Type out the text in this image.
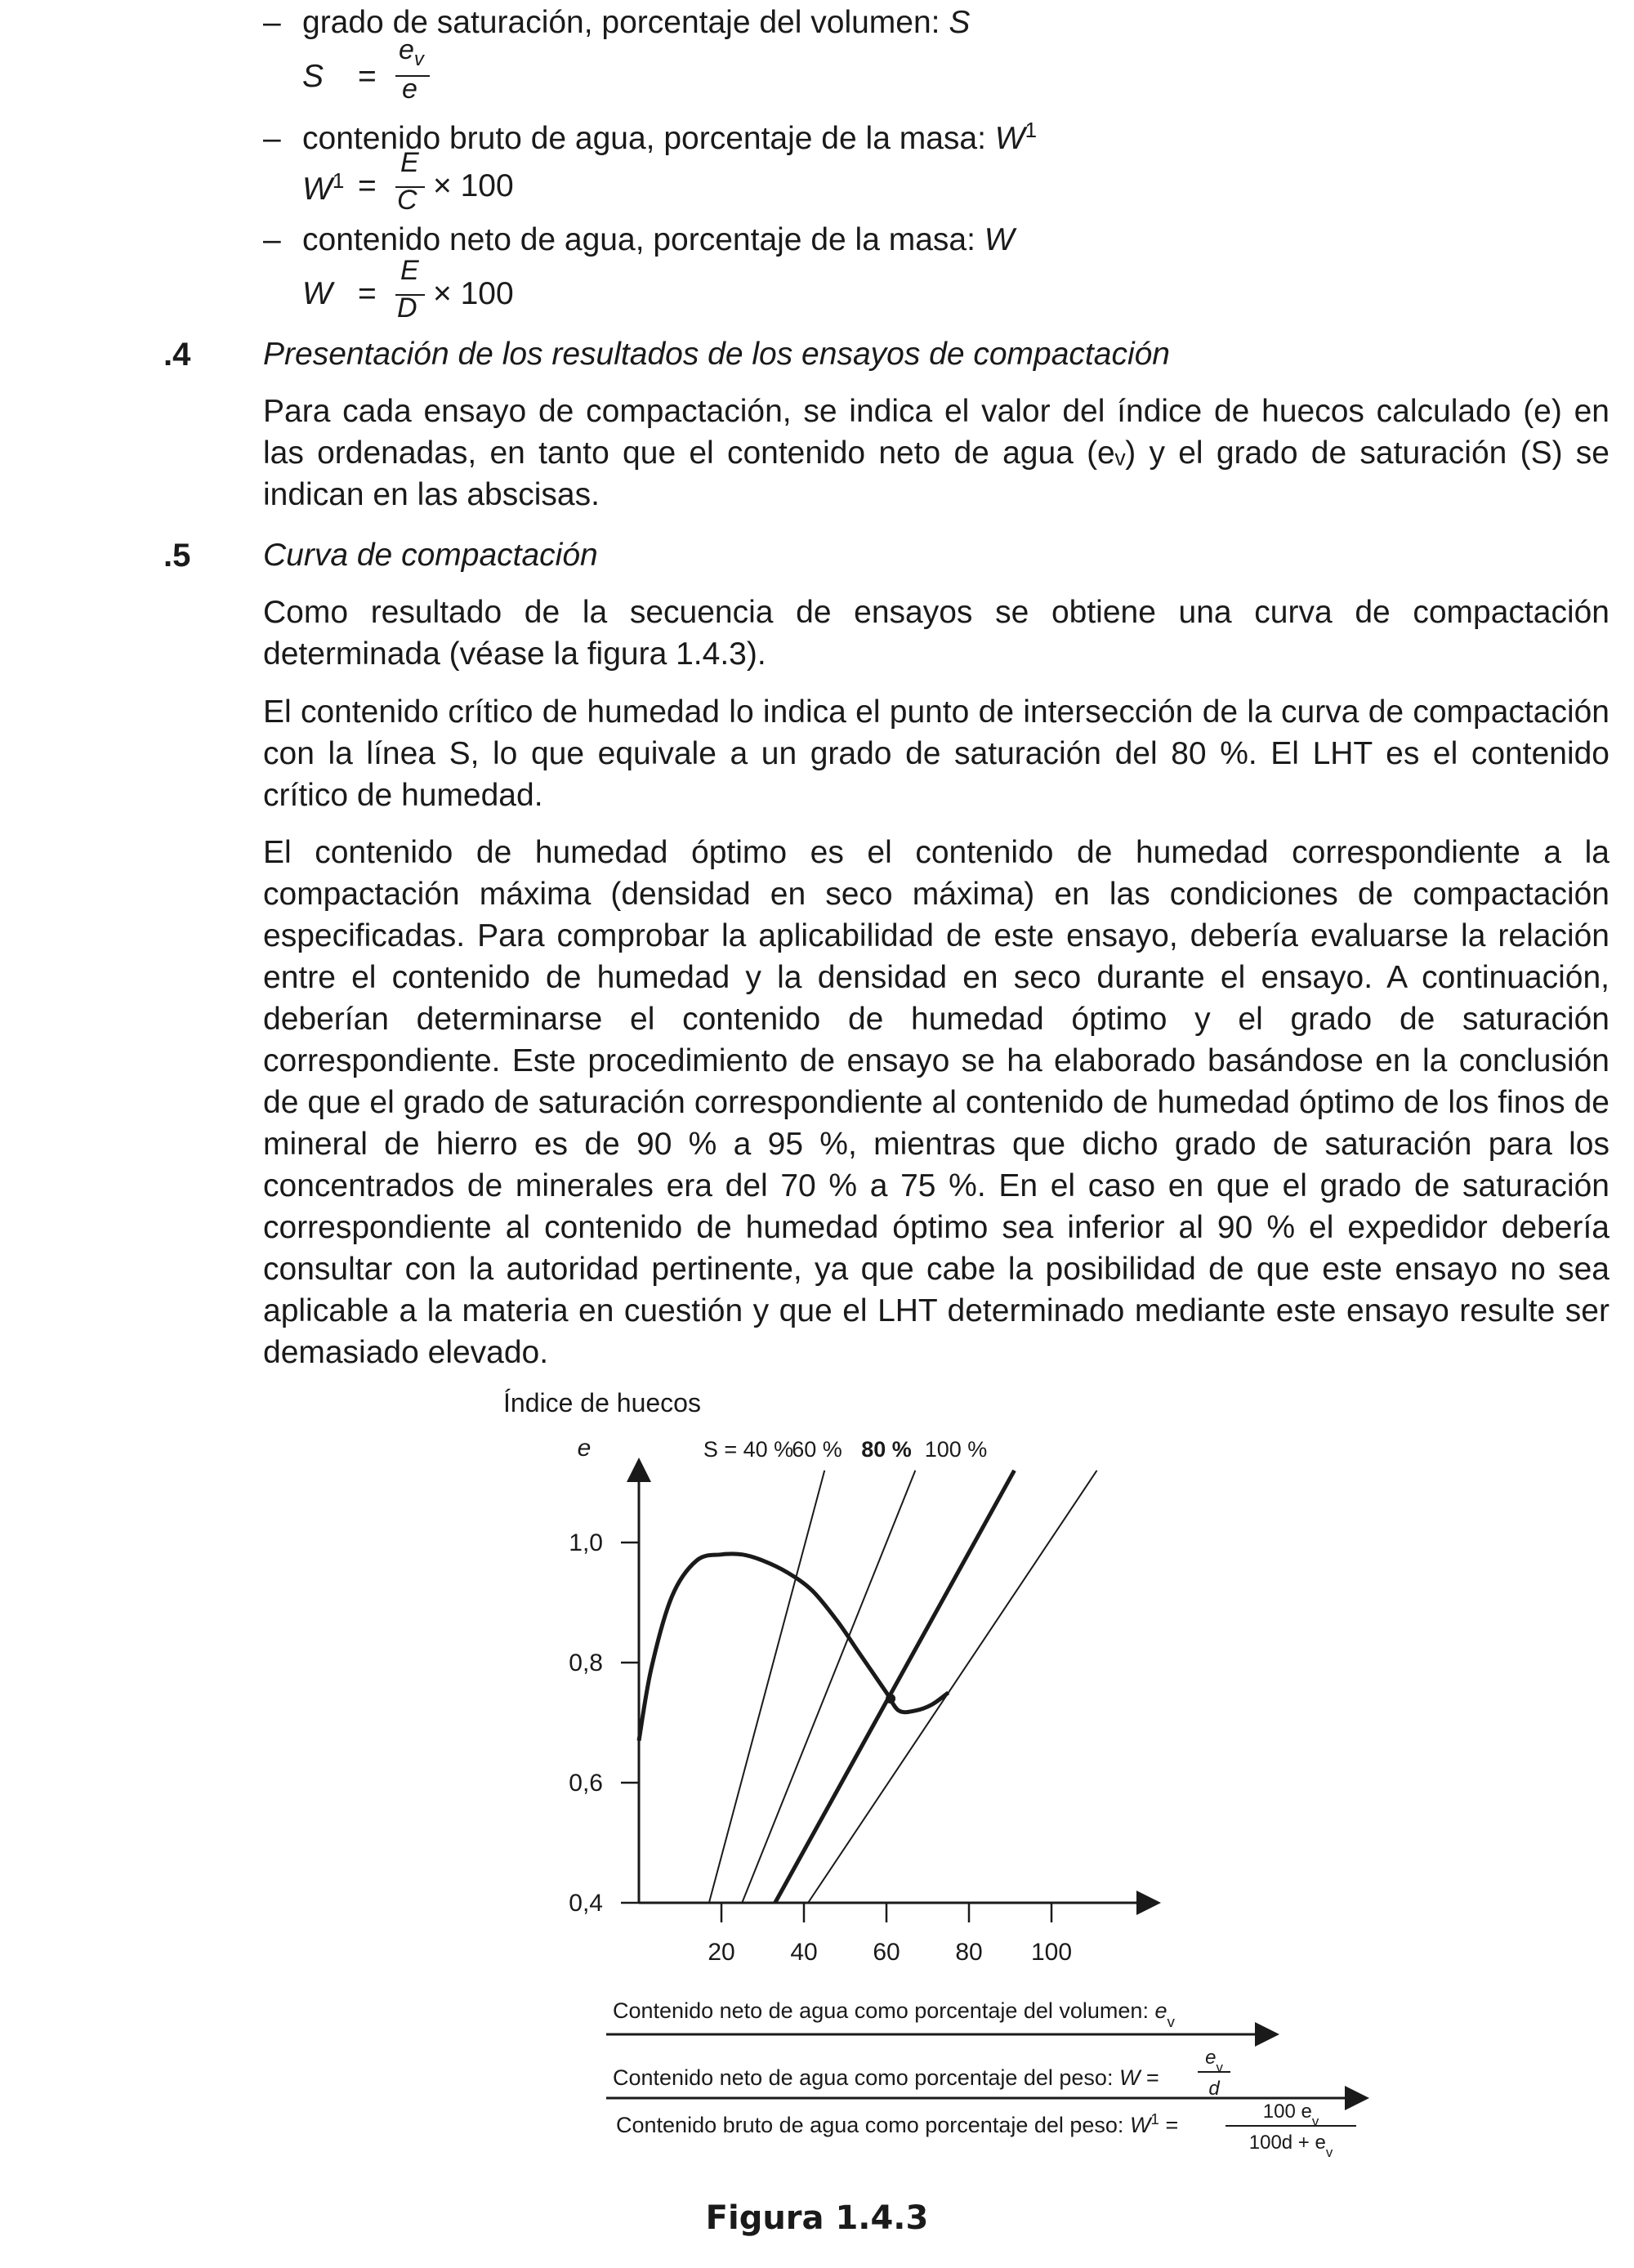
– grado de saturación, porcentaje del volumen: S
S =
$e_v$
e
– contenido bruto de agua, porcentaje de la masa: $W^1$
$W^1$ =
E
C × 100
– contenido neto de agua, porcentaje de la masa: W
W =
E
D × 100
.4 Presentación de los resultados de los ensayos de compactación
Para cada ensayo de compactación, se indica el valor del índice de huecos calculado (e) en las ordenadas, en tanto que el contenido neto de agua (eᵥ) y el grado de saturación (S) se indican en las abscisas.
.5 Curva de compactación
Como resultado de la secuencia de ensayos se obtiene una curva de compactación determinada (véase la figura 1.4.3).
El contenido crítico de humedad lo indica el punto de intersección de la curva de compactación con la línea S, lo que equivale a un grado de saturación del 80 %. El LHT es el contenido crítico de humedad.
El contenido de humedad óptimo es el contenido de humedad correspondiente a la compactación máxima (densidad en seco máxima) en las condiciones de compactación especificadas. Para comprobar la aplicabilidad de este ensayo, debería evaluarse la relación entre el contenido de humedad y la densidad en seco durante el ensayo. A continuación, deberían determinarse el contenido de humedad óptimo y el grado de saturación correspondiente. Este procedimiento de ensayo se ha elaborado basándose en la conclusión de que el grado de saturación correspondiente al contenido de humedad óptimo de los finos de mineral de hierro es de 90 % a 95 %, mientras que dicho grado de saturación para los concentrados de minerales era del 70 % a 75 %. En el caso en que el grado de saturación correspondiente al contenido de humedad óptimo sea inferior al 90 % el expedidor debería consultar con la autoridad pertinente, ya que cabe la posibilidad de que este ensayo no sea aplicable a la materia en cuestión y que el LHT determinado mediante este ensayo resulte ser demasiado elevado.
Índice de huecos
e
0,4
0,6
0,8
1,0
20 40 60 80 100
S = 40 %
60 % 80 % 100 %
Contenido neto de agua como porcentaje del volumen: $e_v$
Contenido neto de agua como porcentaje del peso: W =
$e_v$
d
Contenido bruto de agua como porcentaje del peso: $W^1$ =
100 $e_v$
$100d + e_v$
Figura 1.4.3
